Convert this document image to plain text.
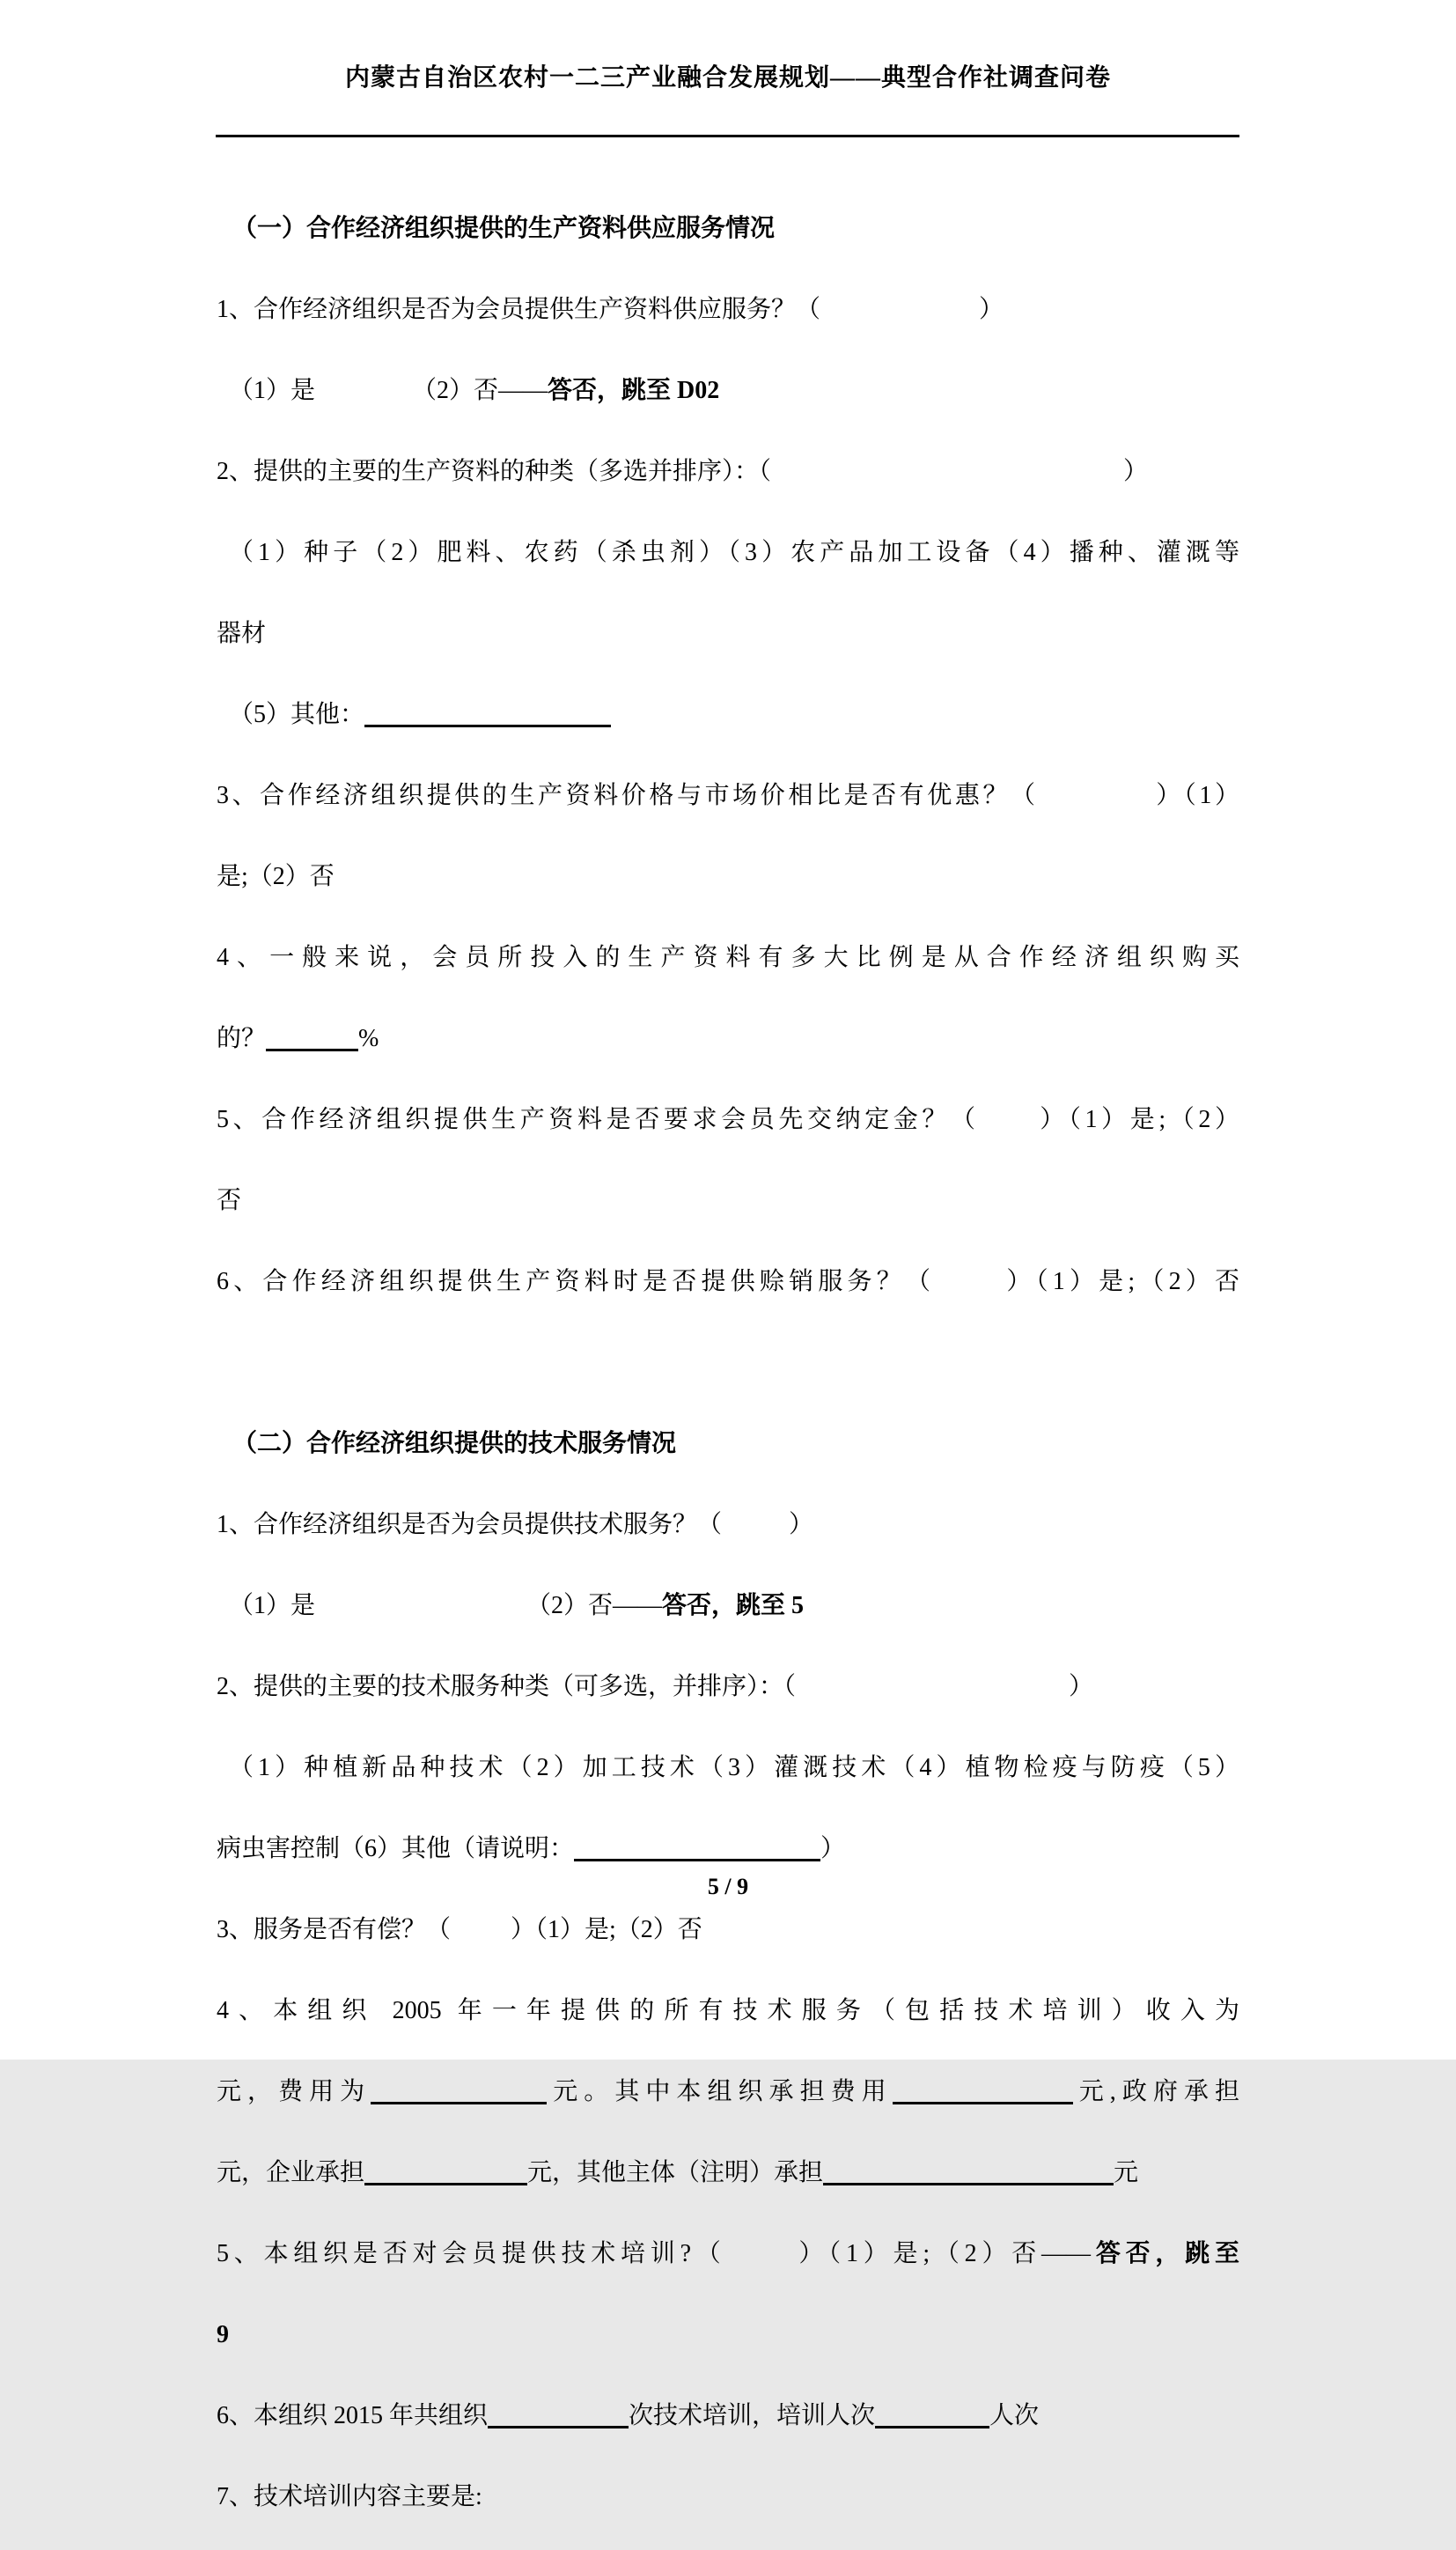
内蒙古自治区农村一二三产业融合发展规划——典型合作社调查问卷

（一）合作经济组织提供的生产资料供应服务情况

1、合作经济组织是否为会员提供生产资料供应服务？（	）

（1）是	（2）否——答否，跳至 D02

2、提供的主要的生产资料的种类（多选并排序）：（	）

（1）种子（2）肥料、农药（杀虫剂）（3）农产品加工设备（4）播种、灌溉等

器材

（5）其他：

3、合作经济组织提供的生产资料价格与市场价相比是否有优惠？（	）（1）

是;（2）否

4、一般来说，会员所投入的生产资料有多大比例是从合作经济组织购买

的？	%

5、合作经济组织提供生产资料是否要求会员先交纳定金？（ ）（1）是;（2）

否

6、合作经济组织提供生产资料时是否提供赊销服务？（	）（1）是;（2）否

（二）合作经济组织提供的技术服务情况

1、合作经济组织是否为会员提供技术服务？（	）

（1）是	（2）否——答否，跳至 5

2、提供的主要的技术服务种类（可多选，并排序）：（	）

（1）种植新品种技术（2）加工技术（3）灌溉技术（4）植物检疫与防疫（5）

病虫害控制（6）其他（请说明：	）

3、服务是否有偿？（ ）（1）是;（2）否

4、本组织 2005 年一年提供的所有技术服务（包括技术培训）收入为

元，费用为	元。其中本组织承担费用	元,政府承担

元，企业承担	元，其他主体（注明）承担	元

5、本组织是否对会员提供技术培训?（	）（1）是;（2）否——答否，跳至

9

6、本组织 2015 年共组织	次技术培训，培训人次	人次

7、技术培训内容主要是:

5 / 9
